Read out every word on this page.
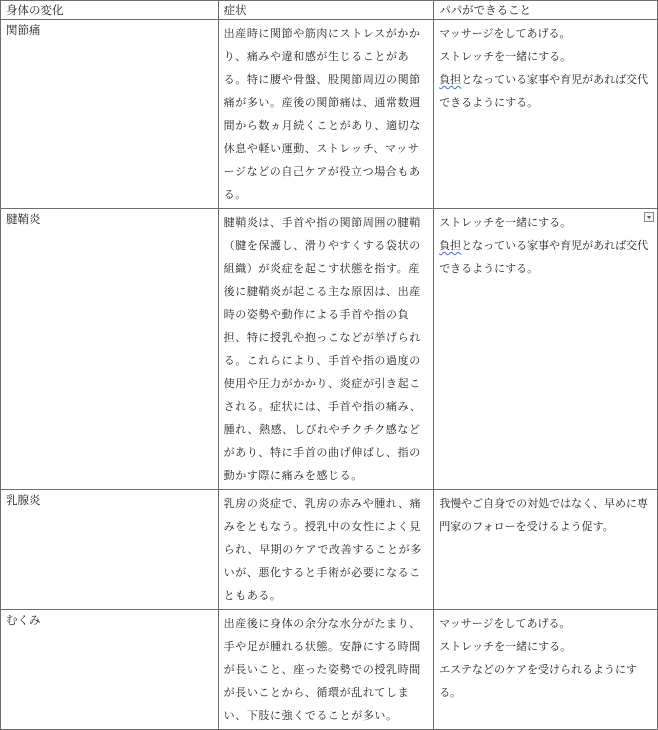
身体の変化	症状	パパができること
関節痛	出産時に関節や筋肉にストレスがかかり、痛みや違和感が生じることがある。特に腰や骨盤、股関節周辺の関節痛が多い。産後の関節痛は、通常数週間から数ヵ月続くことがあり、適切な休息や軽い運動、ストレッチ、マッサージなどの自己ケアが役立つ場合もある。	マッサージをしてあげる。

ストレッチを一緒にする。

負担となっている家事や育児があれば交代できるようにする。

腱鞘炎	腱鞘炎は、手首や指の関節周囲の腱鞘（腱を保護し、滑りやすくする袋状の組織）が炎症を起こす状態を指す。産後に腱鞘炎が起こる主な原因は、出産時の姿勢や動作による手首や指の負担、特に授乳や抱っこなどが挙げられる。これらにより、手首や指の過度の使用や圧力がかかり、炎症が引き起こされる。症状には、手首や指の痛み、腫れ、熱感、しびれやチクチク感などがあり、特に手首の曲げ伸ばし、指の動かす際に痛みを感じる。	ストレッチを一緒にする。

負担となっている家事や育児があれば交代できるようにする。

乳腺炎	乳房の炎症で、乳房の赤みや腫れ、痛みをともなう。授乳中の女性によく見られ、早期のケアで改善することが多いが、悪化すると手術が必要になることもある。	我慢やご自身での対処ではなく、早めに専門家のフォローを受けるよう促す。

むくみ	出産後に身体の余分な水分がたまり、手や足が腫れる状態。安静にする時間が長いこと、座った姿勢での授乳時間が長いことから、循環が乱れてしまい、下肢に強くでることが多い。	マッサージをしてあげる。

ストレッチを一緒にする。

エステなどのケアを受けられるようにする。
